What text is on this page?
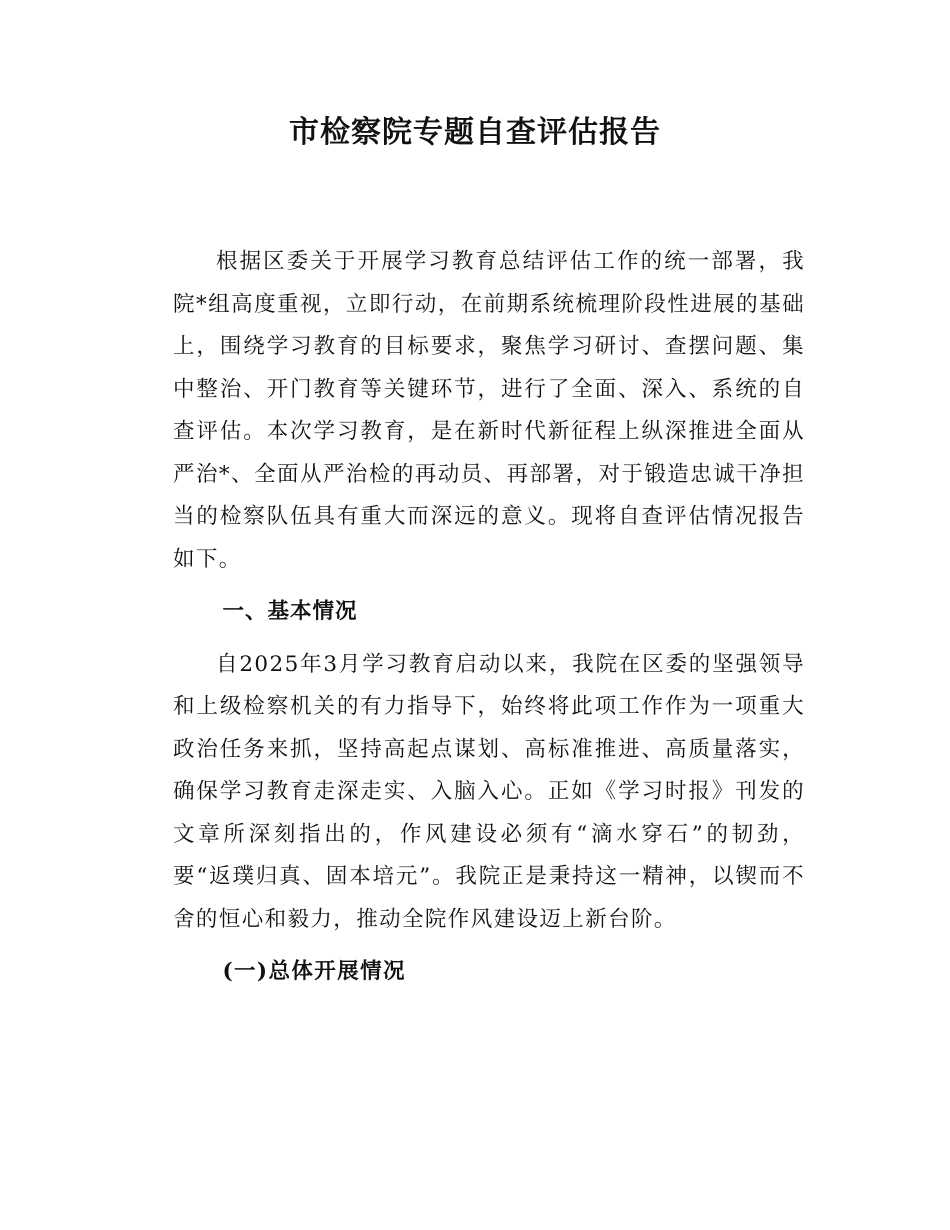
市检察院专题自查评估报告

根据区委关于开展学习教育总结评估工作的统一部署，我院*组高度重视，立即行动，在前期系统梳理阶段性进展的基础上，围绕学习教育的目标要求，聚焦学习研讨、查摆问题、集中整治、开门教育等关键环节，进行了全面、深入、系统的自查评估。本次学习教育，是在新时代新征程上纵深推进全面从严治*、全面从严治检的再动员、再部署，对于锻造忠诚干净担当的检察队伍具有重大而深远的意义。现将自查评估情况报告如下。

一、基本情况

自2025年3月学习教育启动以来，我院在区委的坚强领导和上级检察机关的有力指导下，始终将此项工作作为一项重大政治任务来抓，坚持高起点谋划、高标准推进、高质量落实，确保学习教育走深走实、入脑入心。正如《学习时报》刊发的文章所深刻指出的，作风建设必须有“滴水穿石”的韧劲，要“返璞归真、固本培元”。我院正是秉持这一精神，以锲而不舍的恒心和毅力，推动全院作风建设迈上新台阶。

(一)总体开展情况
